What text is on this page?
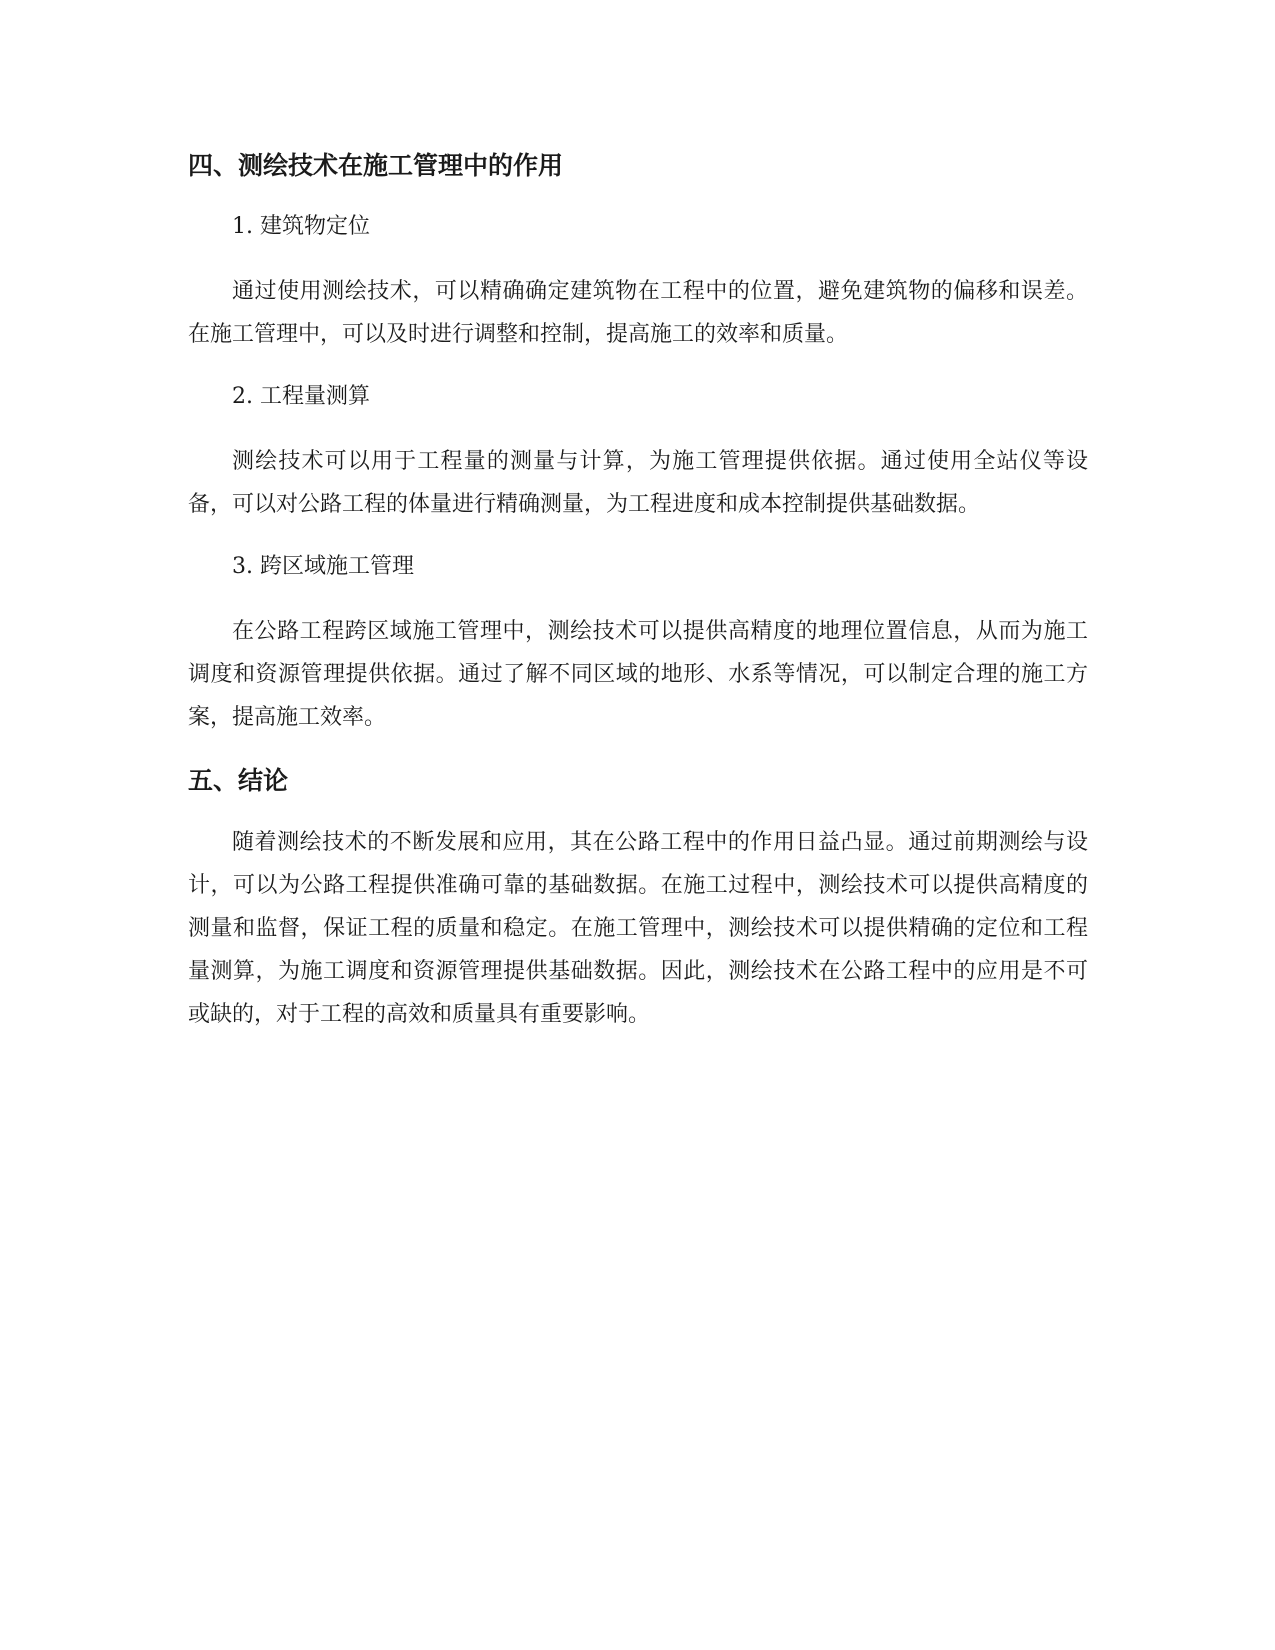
四、测绘技术在施工管理中的作用

1. 建筑物定位

通过使用测绘技术，可以精确确定建筑物在工程中的位置，避免建筑物的偏移和误差。在施工管理中，可以及时进行调整和控制，提高施工的效率和质量。

2. 工程量测算

测绘技术可以用于工程量的测量与计算，为施工管理提供依据。通过使用全站仪等设备，可以对公路工程的体量进行精确测量，为工程进度和成本控制提供基础数据。

3. 跨区域施工管理

在公路工程跨区域施工管理中，测绘技术可以提供高精度的地理位置信息，从而为施工调度和资源管理提供依据。通过了解不同区域的地形、水系等情况，可以制定合理的施工方案，提高施工效率。

五、结论

随着测绘技术的不断发展和应用，其在公路工程中的作用日益凸显。通过前期测绘与设计，可以为公路工程提供准确可靠的基础数据。在施工过程中，测绘技术可以提供高精度的测量和监督，保证工程的质量和稳定。在施工管理中，测绘技术可以提供精确的定位和工程量测算，为施工调度和资源管理提供基础数据。因此，测绘技术在公路工程中的应用是不可或缺的，对于工程的高效和质量具有重要影响。
